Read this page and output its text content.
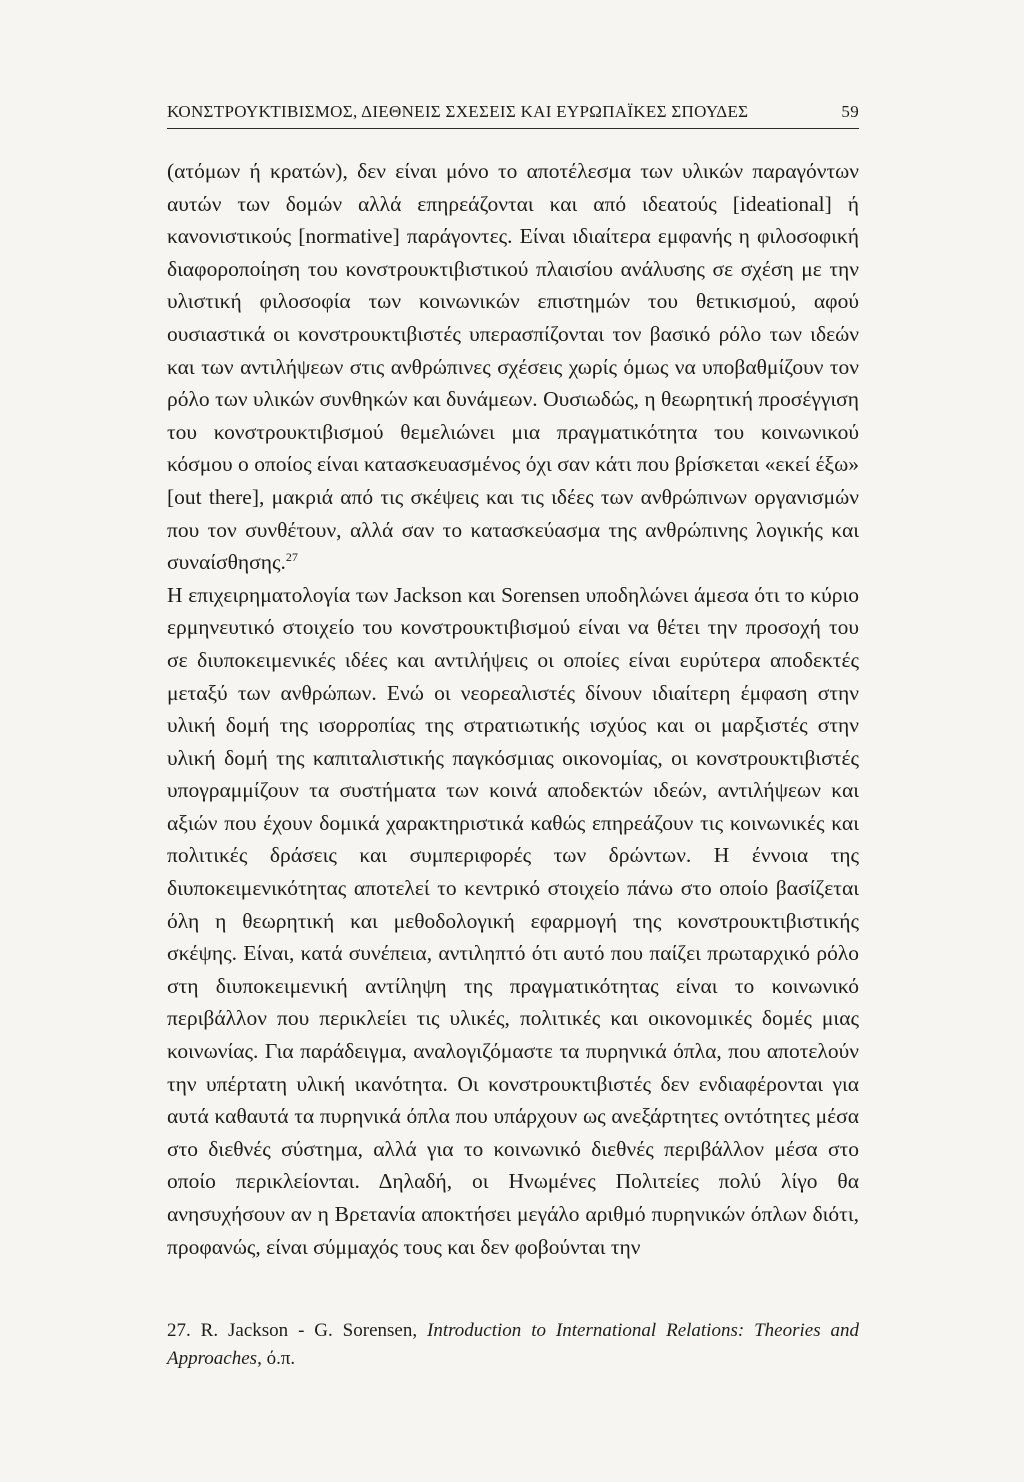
ΚΟΝΣΤΡΟΥΚΤΙΒΙΣΜΟΣ, ΔΙΕΘΝΕΙΣ ΣΧΕΣΕΙΣ ΚΑΙ ΕΥΡΩΠΑΪΚΕΣ ΣΠΟΥΔΕΣ	59

(ατόμων ή κρατών), δεν είναι μόνο το αποτέλεσμα των υλικών παραγόντων αυτών των δομών αλλά επηρεάζονται και από ιδεατούς [ideational] ή κανονιστικούς [normative] παράγοντες. Είναι ιδιαίτερα εμφανής η φιλοσοφική διαφοροποίηση του κονστρουκτιβιστικού πλαισίου ανάλυσης σε σχέση με την υλιστική φιλοσοφία των κοινωνικών επιστημών του θετικισμού, αφού ουσιαστικά οι κονστρουκτιβιστές υπερασπίζονται τον βασικό ρόλο των ιδεών και των αντιλήψεων στις ανθρώπινες σχέσεις χωρίς όμως να υποβαθμίζουν τον ρόλο των υλικών συνθηκών και δυνάμεων. Ουσιωδώς, η θεωρητική προσέγγιση του κονστρουκτιβισμού θεμελιώνει μια πραγματικότητα του κοινωνικού κόσμου ο οποίος είναι κατασκευασμένος όχι σαν κάτι που βρίσκεται «εκεί έξω» [out there], μακριά από τις σκέψεις και τις ιδέες των ανθρώπινων οργανισμών που τον συνθέτουν, αλλά σαν το κατασκεύασμα της ανθρώπινης λογικής και συναίσθησης.$^{27}$

Η επιχειρηματολογία των Jackson και Sorensen υποδηλώνει άμεσα ότι το κύριο ερμηνευτικό στοιχείο του κονστρουκτιβισμού είναι να θέτει την προσοχή του σε διυποκειμενικές ιδέες και αντιλήψεις οι οποίες είναι ευρύτερα αποδεκτές μεταξύ των ανθρώπων. Ενώ οι νεορεαλιστές δίνουν ιδιαίτερη έμφαση στην υλική δομή της ισορροπίας της στρατιωτικής ισχύος και οι μαρξιστές στην υλική δομή της καπιταλιστικής παγκόσμιας οικονομίας, οι κονστρουκτιβιστές υπογραμμίζουν τα συστήματα των κοινά αποδεκτών ιδεών, αντιλήψεων και αξιών που έχουν δομικά χαρακτηριστικά καθώς επηρεάζουν τις κοινωνικές και πολιτικές δράσεις και συμπεριφορές των δρώντων. Η έννοια της διυποκειμενικότητας αποτελεί το κεντρικό στοιχείο πάνω στο οποίο βασίζεται όλη η θεωρητική και μεθοδολογική εφαρμογή της κονστρουκτιβιστικής σκέψης. Είναι, κατά συνέπεια, αντιληπτό ότι αυτό που παίζει πρωταρχικό ρόλο στη διυποκειμενική αντίληψη της πραγματικότητας είναι το κοινωνικό περιβάλλον που περικλείει τις υλικές, πολιτικές και οικονομικές δομές μιας κοινωνίας. Για παράδειγμα, αναλογιζόμαστε τα πυρηνικά όπλα, που αποτελούν την υπέρτατη υλική ικανότητα. Οι κονστρουκτιβιστές δεν ενδιαφέρονται για αυτά καθαυτά τα πυρηνικά όπλα που υπάρχουν ως ανεξάρτητες οντότητες μέσα στο διεθνές σύστημα, αλλά για το κοινωνικό διεθνές περιβάλλον μέσα στο οποίο περικλείονται. Δηλαδή, οι Ηνωμένες Πολιτείες πολύ λίγο θα ανησυχήσουν αν η Βρετανία αποκτήσει μεγάλο αριθμό πυρηνικών όπλων διότι, προφανώς, είναι σύμμαχός τους και δεν φοβούνται την

27. R. Jackson - G. Sorensen, Introduction to International Relations: Theories and Approaches, ό.π.
